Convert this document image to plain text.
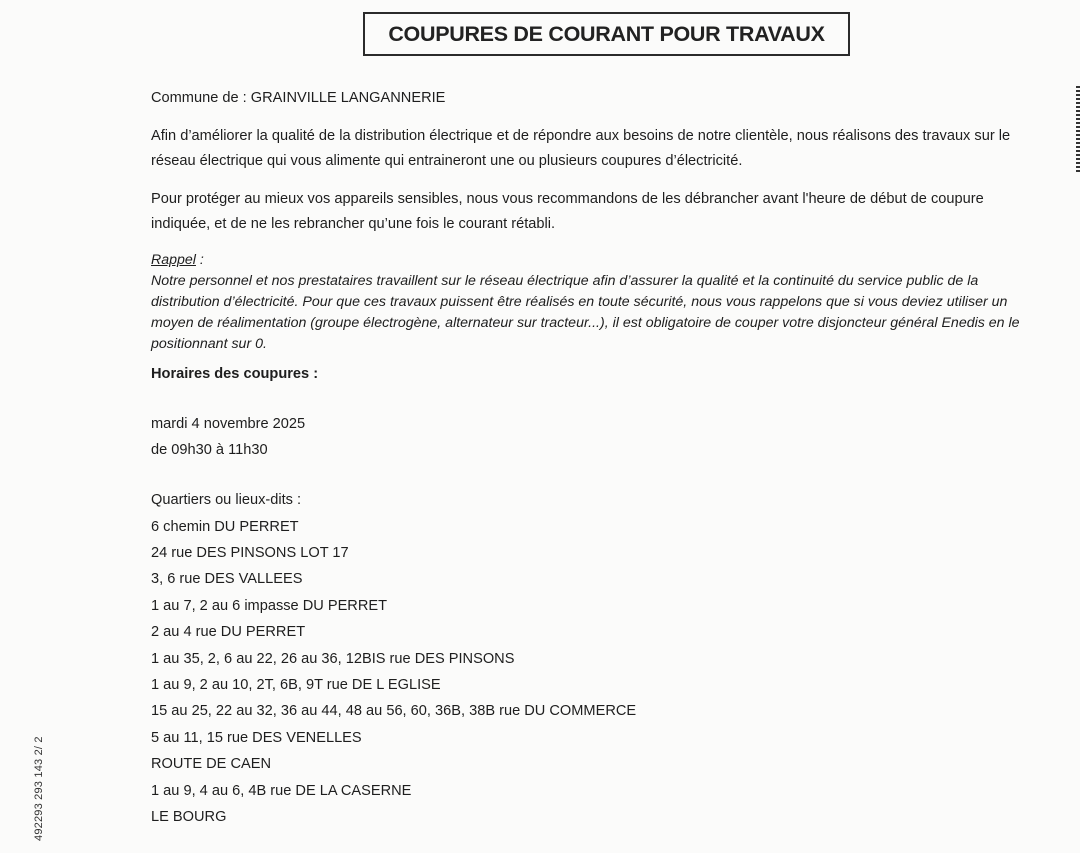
COUPURES DE COURANT POUR TRAVAUX

Commune de : GRAINVILLE LANGANNERIE

Afin d’améliorer la qualité de la distribution électrique et de répondre aux besoins de notre clientèle, nous réalisons des travaux sur le réseau électrique qui vous alimente qui entraineront une ou plusieurs coupures d’électricité.

Pour protéger au mieux vos appareils sensibles, nous vous recommandons de les débrancher avant l'heure de début de coupure indiquée, et de ne les rebrancher qu’une fois le courant rétabli.

Rappel :
Notre personnel et nos prestataires travaillent sur le réseau électrique afin d’assurer la qualité et la continuité du service public de la distribution d’électricité. Pour que ces travaux puissent être réalisés en toute sécurité, nous vous rappelons que si vous deviez utiliser un moyen de réalimentation (groupe électrogène, alternateur sur tracteur...), il est obligatoire de couper votre disjoncteur général Enedis en le positionnant sur 0.

Horaires des coupures :

mardi 4 novembre 2025

de 09h30 à 11h30

Quartiers ou lieux-dits :

6 chemin DU PERRET
24 rue DES PINSONS LOT 17
3, 6 rue DES VALLEES
1 au 7, 2 au 6 impasse DU PERRET
2 au 4 rue DU PERRET
1 au 35, 2, 6 au 22, 26 au 36, 12BIS rue DES PINSONS
1 au 9, 2 au 10, 2T, 6B, 9T rue DE L EGLISE
15 au 25, 22 au 32, 36 au 44, 48 au 56, 60, 36B, 38B rue DU COMMERCE
5 au 11, 15 rue DES VENELLES
ROUTE DE CAEN
1 au 9, 4 au 6, 4B rue DE LA CASERNE
LE BOURG
492293 293 143 2/ 2
